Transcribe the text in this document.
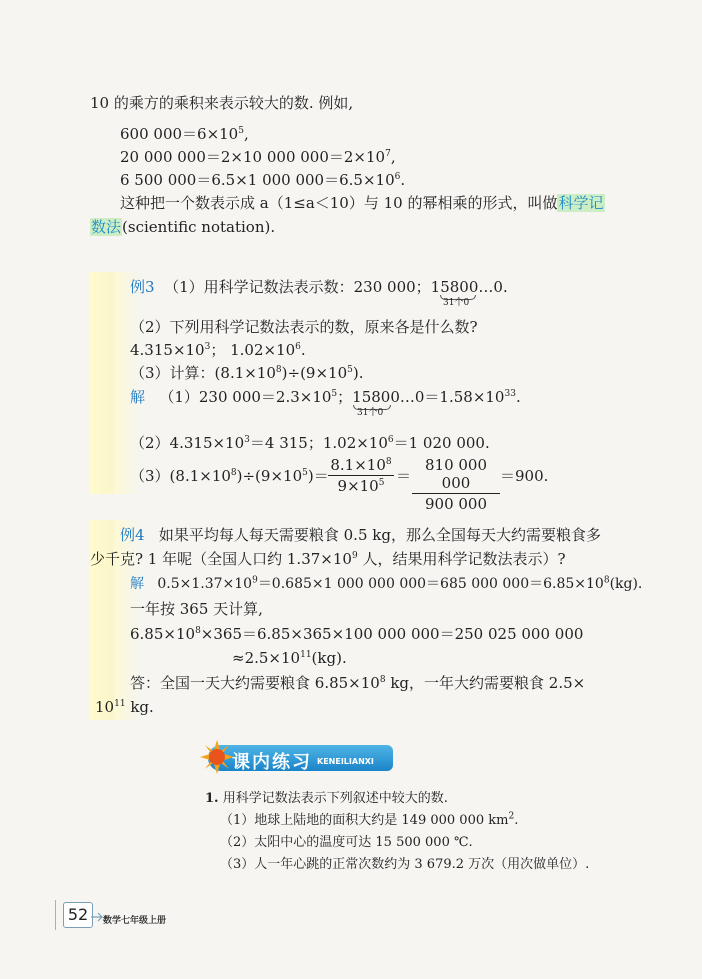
10 的乘方的乘积来表示较大的数. 例如,
600 $000=6\times 10^5$,
20 000 000＝2×10 000 $000=2\times 10^7$,
6 500 000＝6.5×1 000 $000=6.5\times 10^6$.
这种把一个数表示成 a（1≤a＜10）与 10 的幂相乘的形式，叫做科学记
数法(scientific notation).
例3 （1）用科学记数法表示数：230 000；15800…0.
31个0
（2）下列用科学记数法表示的数，原来各是什么数?
$4.315\times 10^3$； $1.02\times 10^6$.
（3）计算：$(8.1\times 10^8)\div(9\times 10^5)$.
解 （1）230 $000=2.3\times 10^5$；$15800\dots 0=1.58\times 10^{33}$.
31个0
$(2)4.315\times 10^3=4$ 315；$1.02\times 10^6=1$ 020 000.
$(3)(8.1\times 10^8)\div(9\times 10^5)=$
$8.1\times 10^8$
$9\times 10^5$ ＝
810 000 000
900 000
＝900.
例4 如果平均每人每天需要粮食 0.5 kg，那么全国每天大约需要粮食多
少千克? 1 年呢（全国人口约 $1.37\times 10^9$ 人，结果用科学记数法表示）?
解 $0.5\times 1.37\times 10^9=0.685\times 1$ 000 000 000＝685 000 $000=6.85\times 10^8(kg)$.
一年按 365 天计算,
$6.85\times 10^8\times 365=6.85\times 365\times 100$ 000 000＝250 025 000 000
$\approx 2.5\times 10^{11}(kg)$.
答：全国一天大约需要粮食 $6.85\times 10^8$ kg，一年大约需要粮食 2.5×
$10^{11}$ kg.
课内练习 KENEILIANXI
1. 用科学记数法表示下列叙述中较大的数.
（1）地球上陆地的面积大约是 149 000 000 $km^2$.
（2）太阳中心的温度可达 15 500 000 ℃.
（3）人一年心跳的正常次数约为 3 679.2 万次（用次做单位）.
52	数学七年级上册
